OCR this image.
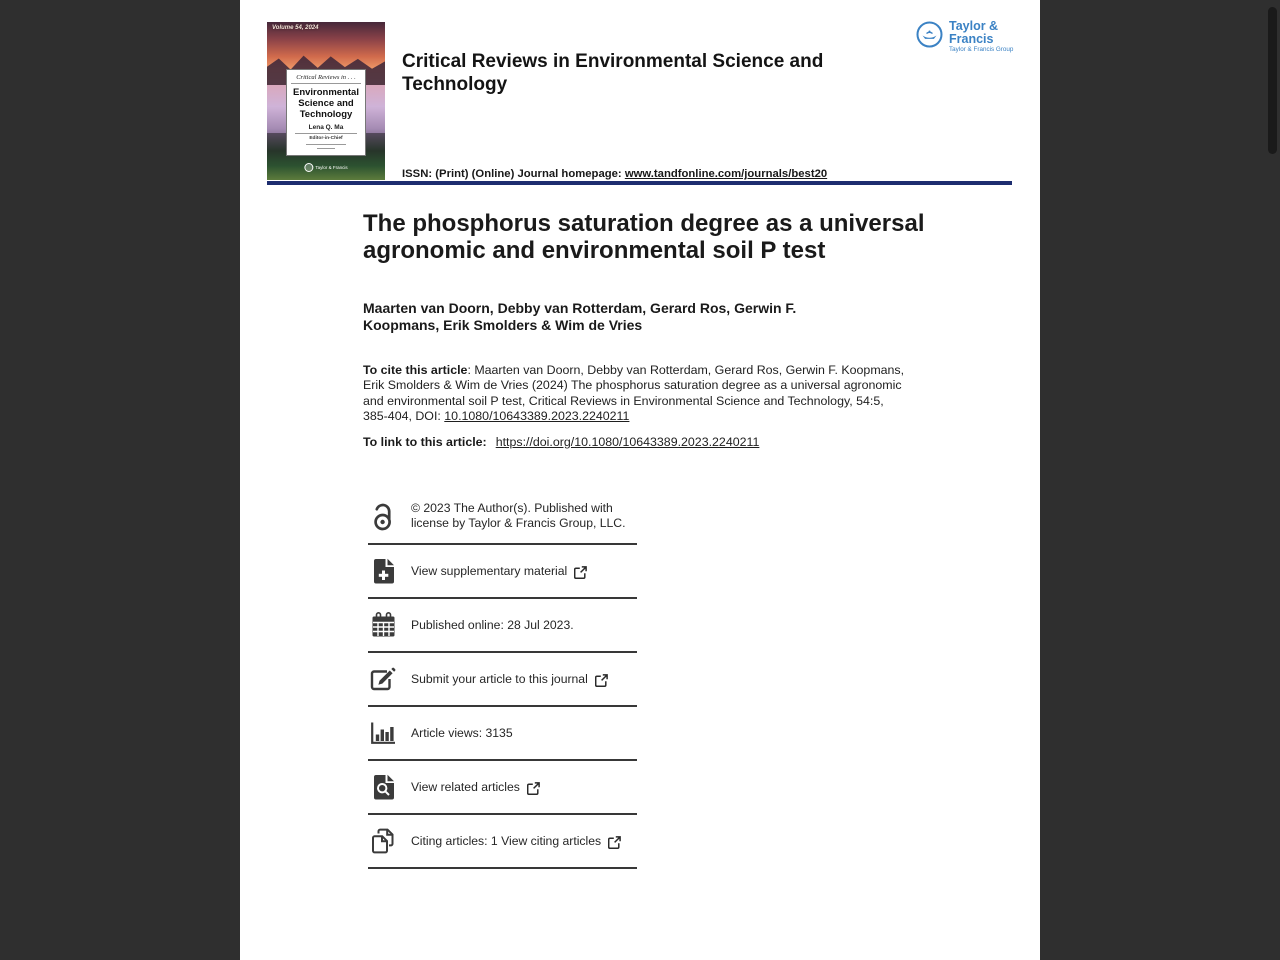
Volume 54, 2024
Critical Reviews in . . .
Environmental Science and Technology
Lena Q. Ma
Editor-in-Chief
Taylor & Francis
Taylor & Francis
Taylor & Francis Group
Critical Reviews in Environmental Science and Technology
ISSN: (Print) (Online) Journal homepage: www.tandfonline.com/journals/best20
The phosphorus saturation degree as a universal
agronomic and environmental soil P test
Maarten van Doorn, Debby van Rotterdam, Gerard Ros, Gerwin F.
Koopmans, Erik Smolders & Wim de Vries

To cite this article: Maarten van Doorn, Debby van Rotterdam, Gerard Ros, Gerwin F. Koopmans, Erik Smolders & Wim de Vries (2024) The phosphorus saturation degree as a universal agronomic and environmental soil P test, Critical Reviews in Environmental Science and Technology, 54:5, 385-404, DOI: 10.1080/10643389.2023.2240211

To link to this article: https://doi.org/10.1080/10643389.2023.2240211
© 2023 The Author(s). Published with license by Taylor & Francis Group, LLC.
View supplementary material
Published online: 28 Jul 2023.
Submit your article to this journal
Article views: 3135
View related articles
Citing articles: 1 View citing articles
